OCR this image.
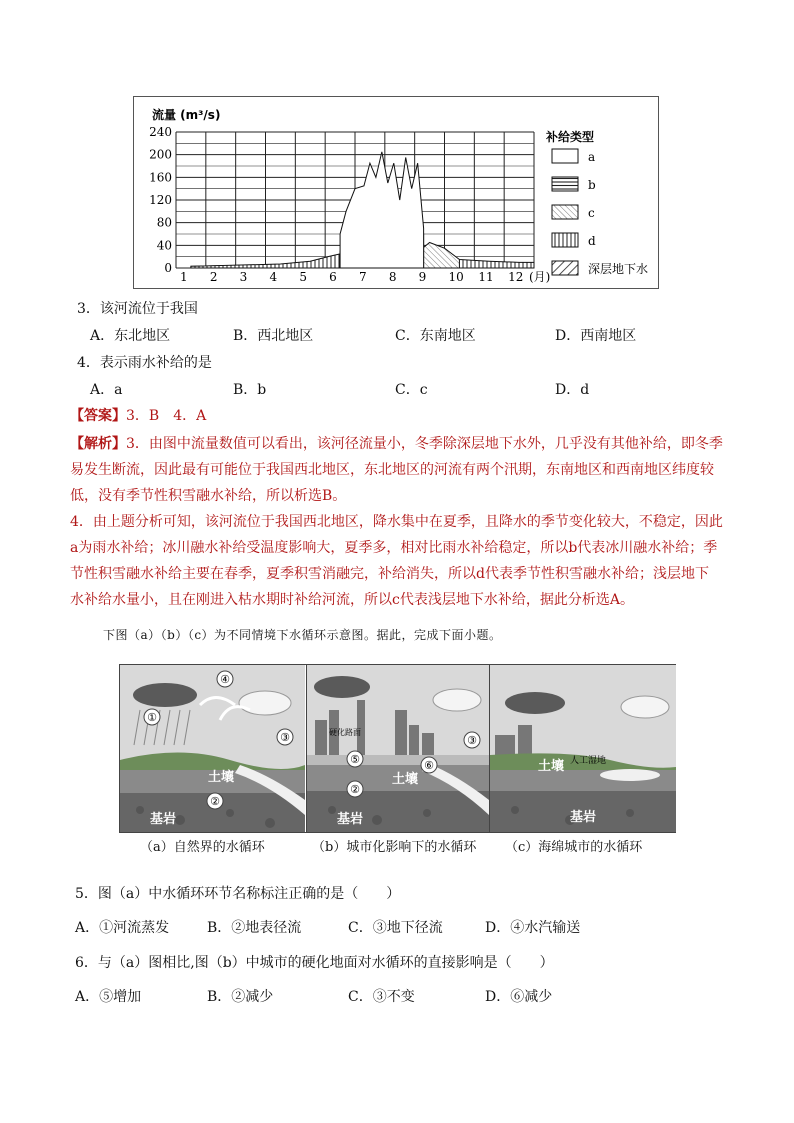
流量 (m³/s)
240
200
160
120
80
40
0
1 2 3 4 5 6 7 8 9 10 11 12 (月)
补给类型
a
b
c
d
深层地下水
3．该河流位于我国
A．东北地区	B．西北地区	C．东南地区	D．西南地区
4．表示雨水补给的是
A．a	B．b	C．c	D．d
【答案】3．B　4．A
【解析】3．由图中流量数值可以看出，该河径流量小，冬季除深层地下水外，几乎没有其他补给，即冬季
易发生断流，因此最有可能位于我国西北地区，东北地区的河流有两个汛期，东南地区和西南地区纬度较
低，没有季节性积雪融水补给，所以析选B。
4．由上题分析可知，该河流位于我国西北地区，降水集中在夏季，且降水的季节变化较大，不稳定，因此
a为雨水补给；冰川融水补给受温度影响大，夏季多，相对比雨水补给稳定，所以b代表冰川融水补给；季
节性积雪融水补给主要在春季，夏季积雪消融完，补给消失，所以d代表季节性积雪融水补给；浅层地下
水补给水量小，且在刚进入枯水期时补给河流，所以c代表浅层地下水补给，据此分析选A。
下图（a）（b）（c）为不同情境下水循环示意图。据此，完成下面小题。
④
①
③
②
土壤
基岩
硬化路面
⑤	⑥
②
③
土壤
基岩
人工湿地
土壤
基岩
（a）自然界的水循环	（b）城市化影响下的水循环 （c）海绵城市的水循环
5．图（a）中水循环环节名称标注正确的是（　　）
A．①河流蒸发	B．②地表径流	C．③地下径流	D．④水汽输送
6．与（a）图相比,图（b）中城市的硬化地面对水循环的直接影响是（　　）
A．⑤增加	B．②减少	C．③不变	D．⑥减少
